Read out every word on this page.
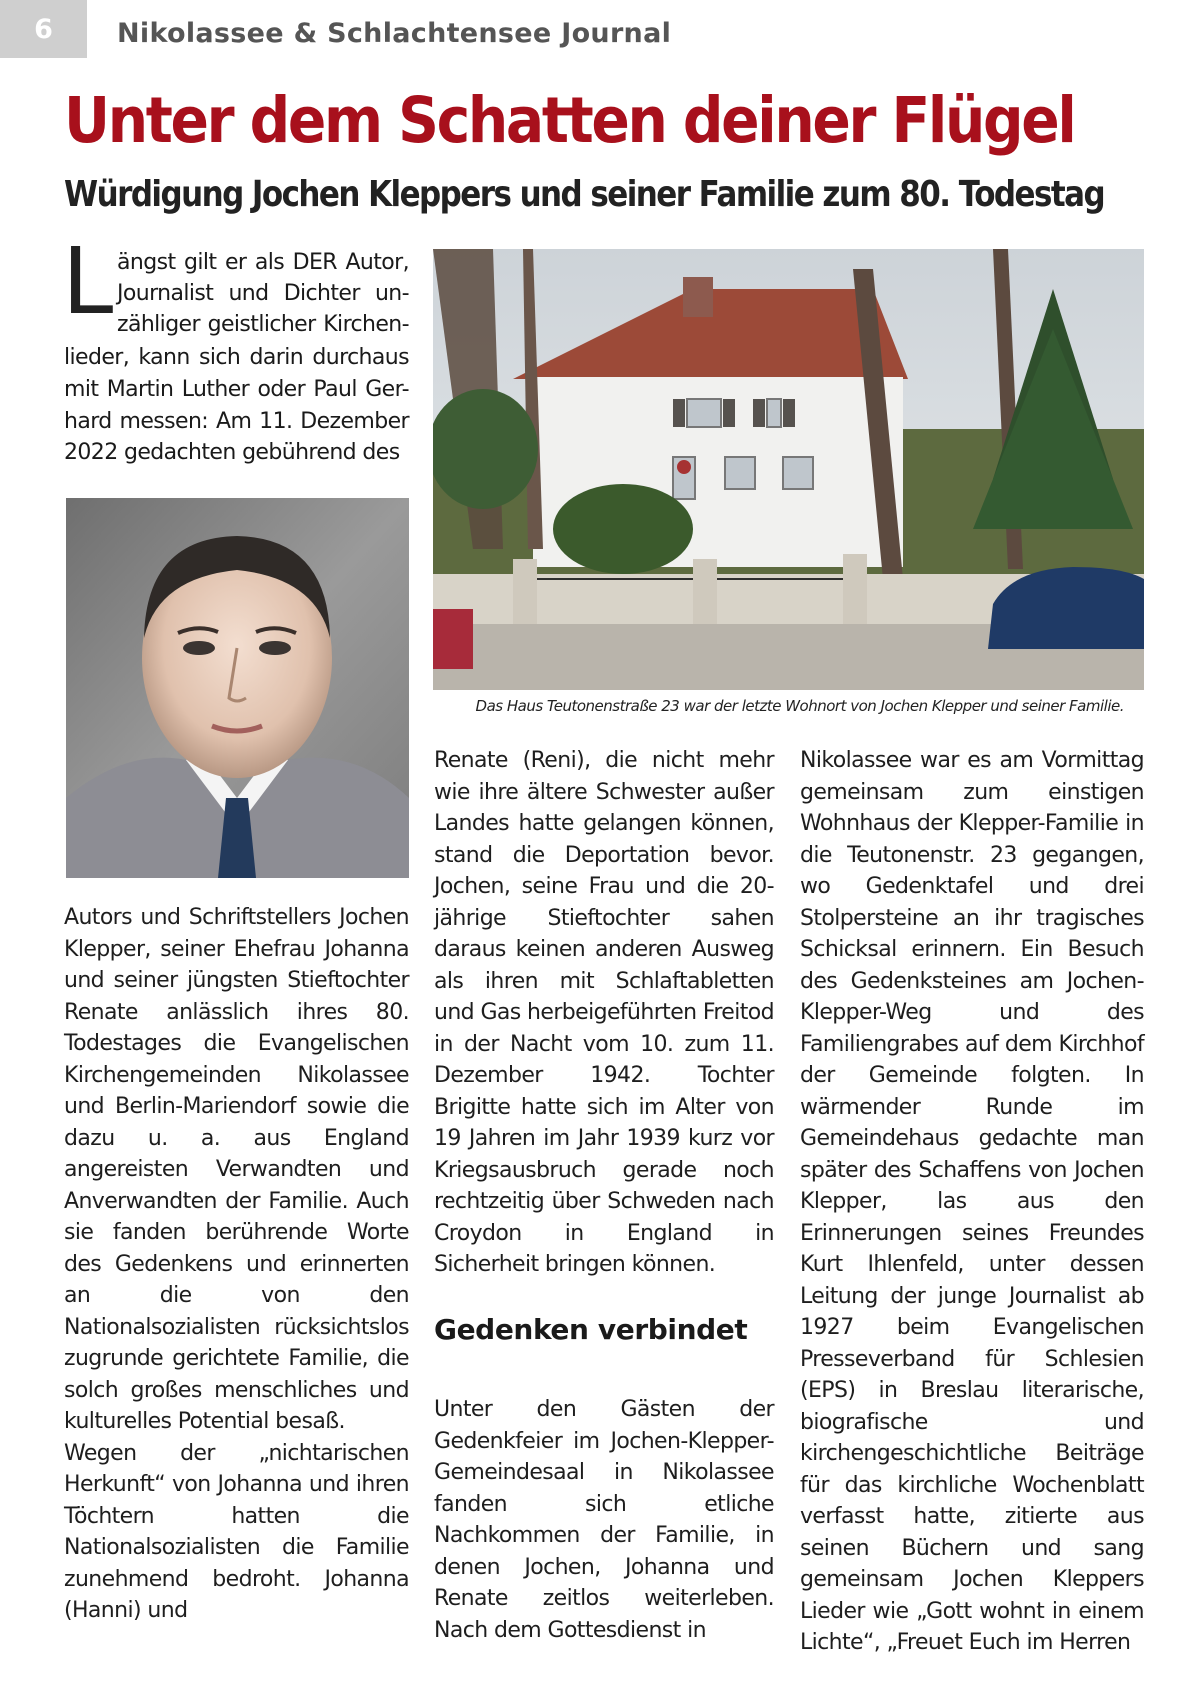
6	Nikolassee & Schlachtensee Journal
Unter dem Schatten deiner Flügel
Würdigung Jochen Kleppers und seiner Familie zum 80. Todestag
L ängst gilt er als DER Autor,
Journalist und Dichter un-
zähliger geistlicher Kirchen-
lieder, kann sich darin durchaus
mit Martin Luther oder Paul Ger-
hard messen: Am 11. Dezember
2022 gedachten gebührend des
Das Haus Teutonenstraße 23 war der letzte Wohnort von Jochen Klepper und seiner Familie.

Autors und Schriftstellers Jochen Klepper, seiner Ehefrau Johanna und seiner jüngsten Stieftochter Renate anlässlich ihres 80. Todestages die Evangelischen Kirchengemeinden Nikolassee und Berlin-Mariendorf sowie die dazu u. a. aus England angereisten Verwandten und Anverwandten der Familie. Auch sie fanden berührende Worte des Gedenkens und erinnerten an die von den Nationalsozialisten rücksichtslos zugrunde gerichtete Familie, die solch großes menschliches und kulturelles Potential besaß.

Wegen der „nichtarischen Herkunft“ von Johanna und ihren Töchtern hatten die Nationalsozialisten die Familie zunehmend bedroht. Johanna (Hanni) und

Renate (Reni), die nicht mehr wie ihre ältere Schwester außer Landes hatte gelangen können, stand die Deportation bevor. Jochen, seine Frau und die 20-jährige Stieftochter sahen daraus keinen anderen Ausweg als ihren mit Schlaftabletten und Gas herbeigeführten Freitod in der Nacht vom 10. zum 11. Dezember 1942. Tochter Brigitte hatte sich im Alter von 19 Jahren im Jahr 1939 kurz vor Kriegsausbruch gerade noch rechtzeitig über Schweden nach Croydon in England in Sicherheit bringen können.

Gedenken verbindet

Unter den Gästen der Gedenkfeier im Jochen-Klepper-Gemeindesaal in Nikolassee fanden sich etliche Nachkommen der Familie, in denen Jochen, Johanna und Renate zeitlos weiterleben. Nach dem Gottesdienst in

Nikolassee war es am Vormittag gemeinsam zum einstigen Wohnhaus der Klepper-Familie in die Teutonenstr. 23 gegangen, wo Gedenktafel und drei Stolpersteine an ihr tragisches Schicksal erinnern. Ein Besuch des Gedenksteines am Jochen-Klepper-Weg und des Familiengrabes auf dem Kirchhof der Gemeinde folgten. In wärmender Runde im Gemeindehaus gedachte man später des Schaffens von Jochen Klepper, las aus den Erinnerungen seines Freundes Kurt Ihlenfeld, unter dessen Leitung der junge Journalist ab 1927 beim Evangelischen Presseverband für Schlesien (EPS) in Breslau literarische, biografische und kirchengeschichtliche Beiträge für das kirchliche Wochenblatt verfasst hatte, zitierte aus seinen Büchern und sang gemeinsam Jochen Kleppers Lieder wie „Gott wohnt in einem Lichte“, „Freuet Euch im Herren
